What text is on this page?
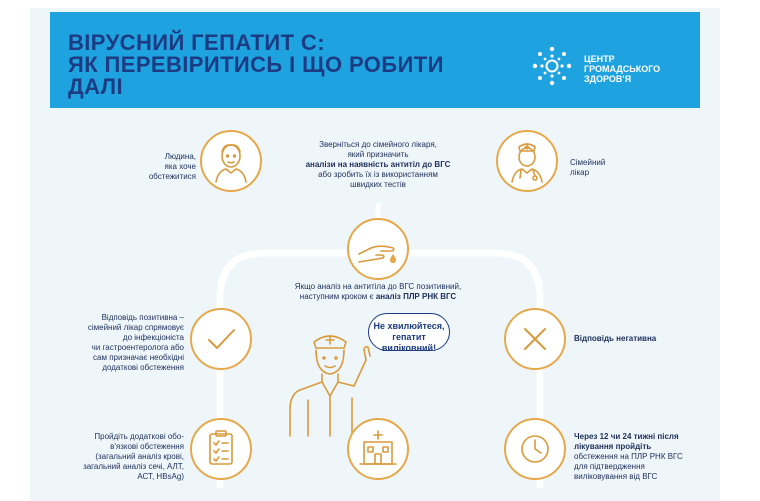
ВІРУСНИЙ ГЕПАТИТ С:
ЯК ПЕРЕВІРИТИСЬ І ЩО РОБИТИ
ДАЛІ
ЦЕНТР
ГРОМАДСЬКОГО
ЗДОРОВ'Я
Людина,
яка хоче
обстежитися
Зверніться до сімейного лікаря,
який призначить
аналізи на наявність антитіл до ВГС
або зробить їх із використанням
швидких тестів
Сімейний
лікар
Якщо аналіз на антитіла до ВГС позитивний,
наступним кроком є аналіз ПЛР РНК ВГС
Відповідь позитивна –
сімейний лікар спрямовує
до інфекціоніста
чи гастроентеролога або
сам призначає необхідні
додаткові обстеження
Відповідь негативна
Не хвилюйтеся,
гепатит
виліковний!
Пройдіть додаткові обо-
в'язкові обстеження
(загальний аналіз крові,
загальний аналіз сечі, АЛТ,
АСТ, HBsAg)
Через 12 чи 24 тижні після
лікування пройдіть
обстеження на ПЛР РНК ВГС
для підтвердження
виліковування від ВГС
